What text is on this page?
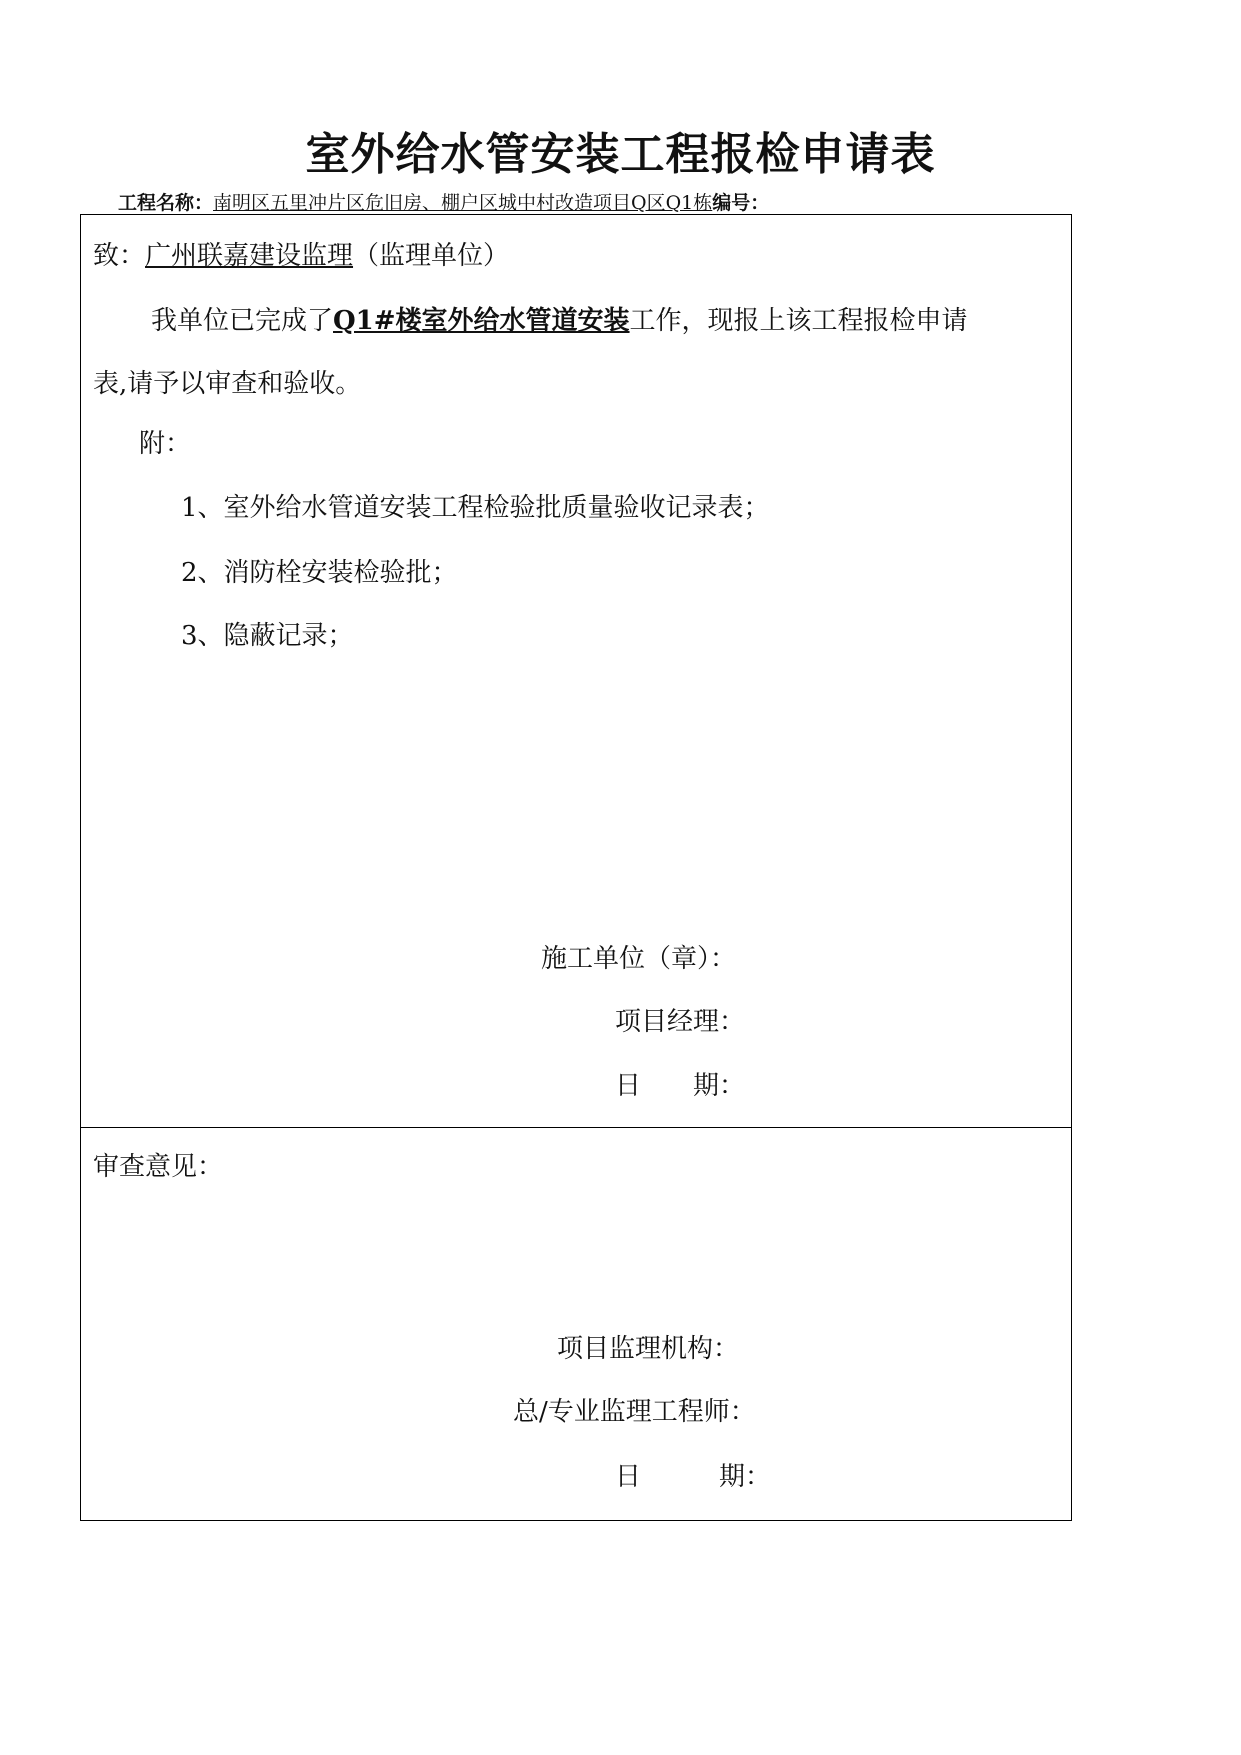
室外给水管安装工程报检申请表
工程名称：南明区五里冲片区危旧房、棚户区城中村改造项目Q区Q1栋编号：
致：广州联嘉建设监理（监理单位）
我单位已完成了Q1#楼室外给水管道安装工作，现报上该工程报检申请
表,请予以审查和验收。
附：
1、室外给水管道安装工程检验批质量验收记录表；
2、消防栓安装检验批；
3、隐蔽记录；
施工单位（章）：
项目经理：
日　　期：
审查意见：
项目监理机构：
总/专业监理工程师：
日　　　期：
